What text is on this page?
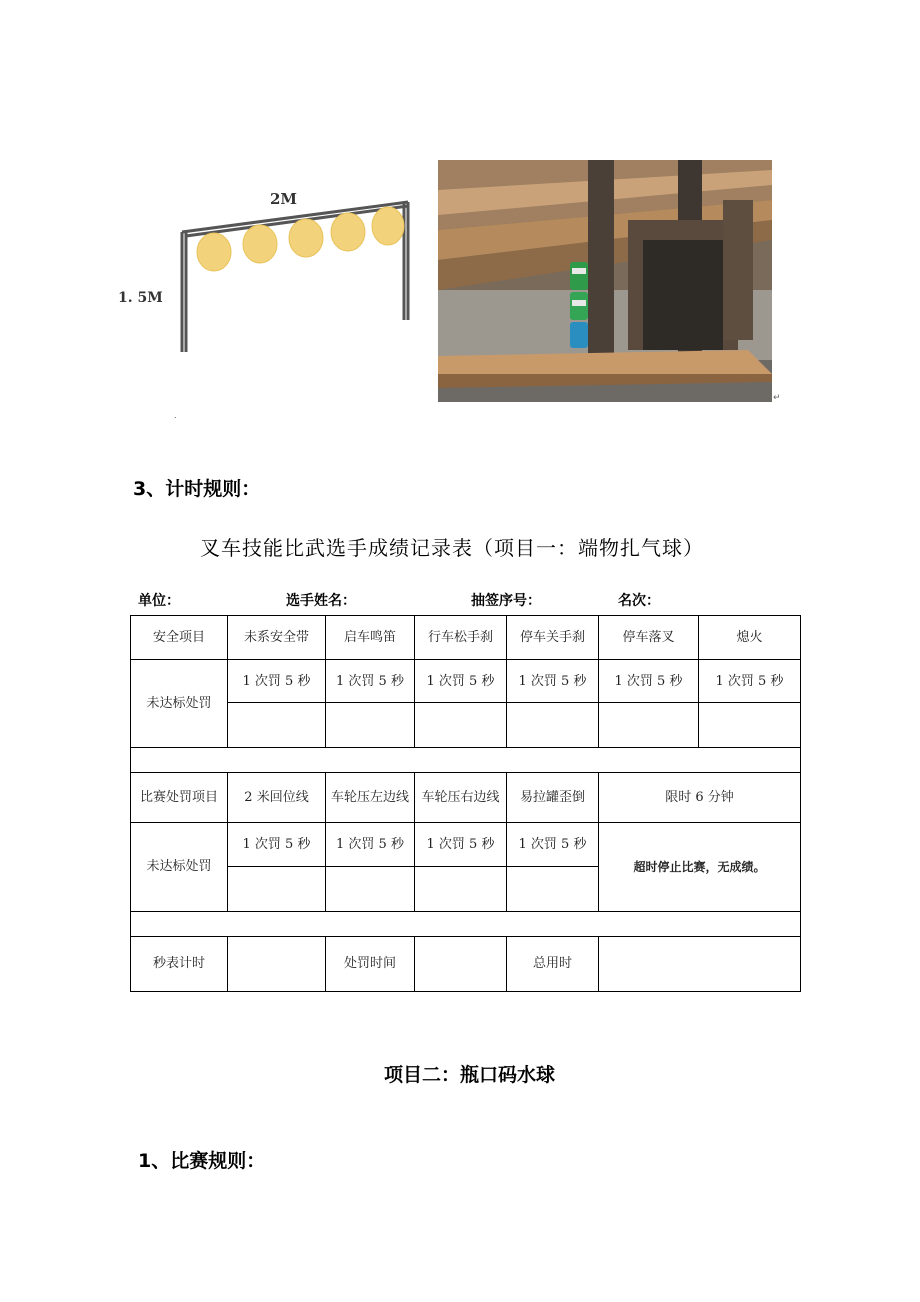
2M
1. 5M
.
↵
3、计时规则：
叉车技能比武选手成绩记录表（项目一：端物扎气球）
单位：	选手姓名：	抽签序号：	名次：
安全项目	未系安全带	启车鸣笛	行车松手刹	停车关手刹	停车落叉	熄火
未达标处罚	1 次罚 5 秒	1 次罚 5 秒	1 次罚 5 秒	1 次罚 5 秒	1 次罚 5 秒	1 次罚 5 秒

比赛处罚项目	2 米回位线	车轮压左边线	车轮压右边线	易拉罐歪倒	限时 6 分钟	
未达标处罚	1 次罚 5 秒	1 次罚 5 秒	1 次罚 5 秒	1 次罚 5 秒	超时停止比赛，无成绩。	

秒表计时		处罚时间		总用时		
项目二：瓶口码水球
1、比赛规则：
